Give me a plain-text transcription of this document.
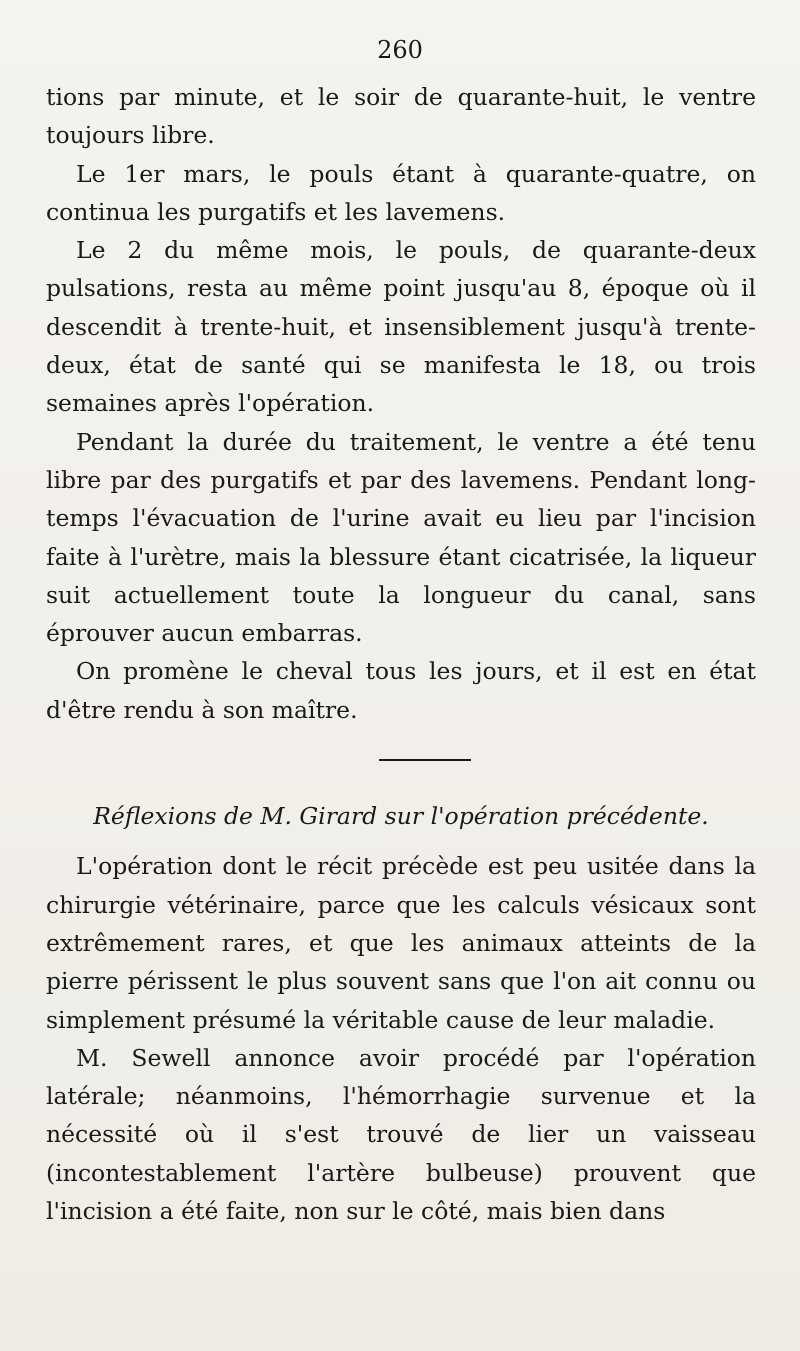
260

tions par minute, et le soir de quarante-huit, le ventre toujours libre.

Le 1er mars, le pouls étant à quarante-quatre, on continua les purgatifs et les lavemens.

Le 2 du même mois, le pouls, de quarante-deux pulsations, resta au même point jusqu'au 8, époque où il descendit à trente-huit, et insensiblement jusqu'à trente-deux, état de santé qui se manifesta le 18, ou trois semaines après l'opération.

Pendant la durée du traitement, le ventre a été tenu libre par des purgatifs et par des lavemens. Pendant long-temps l'évacuation de l'urine avait eu lieu par l'incision faite à l'urètre, mais la blessure étant cicatrisée, la liqueur suit actuellement toute la longueur du canal, sans éprouver aucun embarras.

On promène le cheval tous les jours, et il est en état d'être rendu à son maître.

Réflexions de M. Girard sur l'opération précédente.

L'opération dont le récit précède est peu usitée dans la chirurgie vétérinaire, parce que les calculs vésicaux sont extrêmement rares, et que les animaux atteints de la pierre périssent le plus souvent sans que l'on ait connu ou simplement présumé la véritable cause de leur maladie.

M. Sewell annonce avoir procédé par l'opération latérale; néanmoins, l'hémorrhagie survenue et la nécessité où il s'est trouvé de lier un vaisseau (incontestablement l'artère bulbeuse) prouvent que l'incision a été faite, non sur le côté, mais bien dans
